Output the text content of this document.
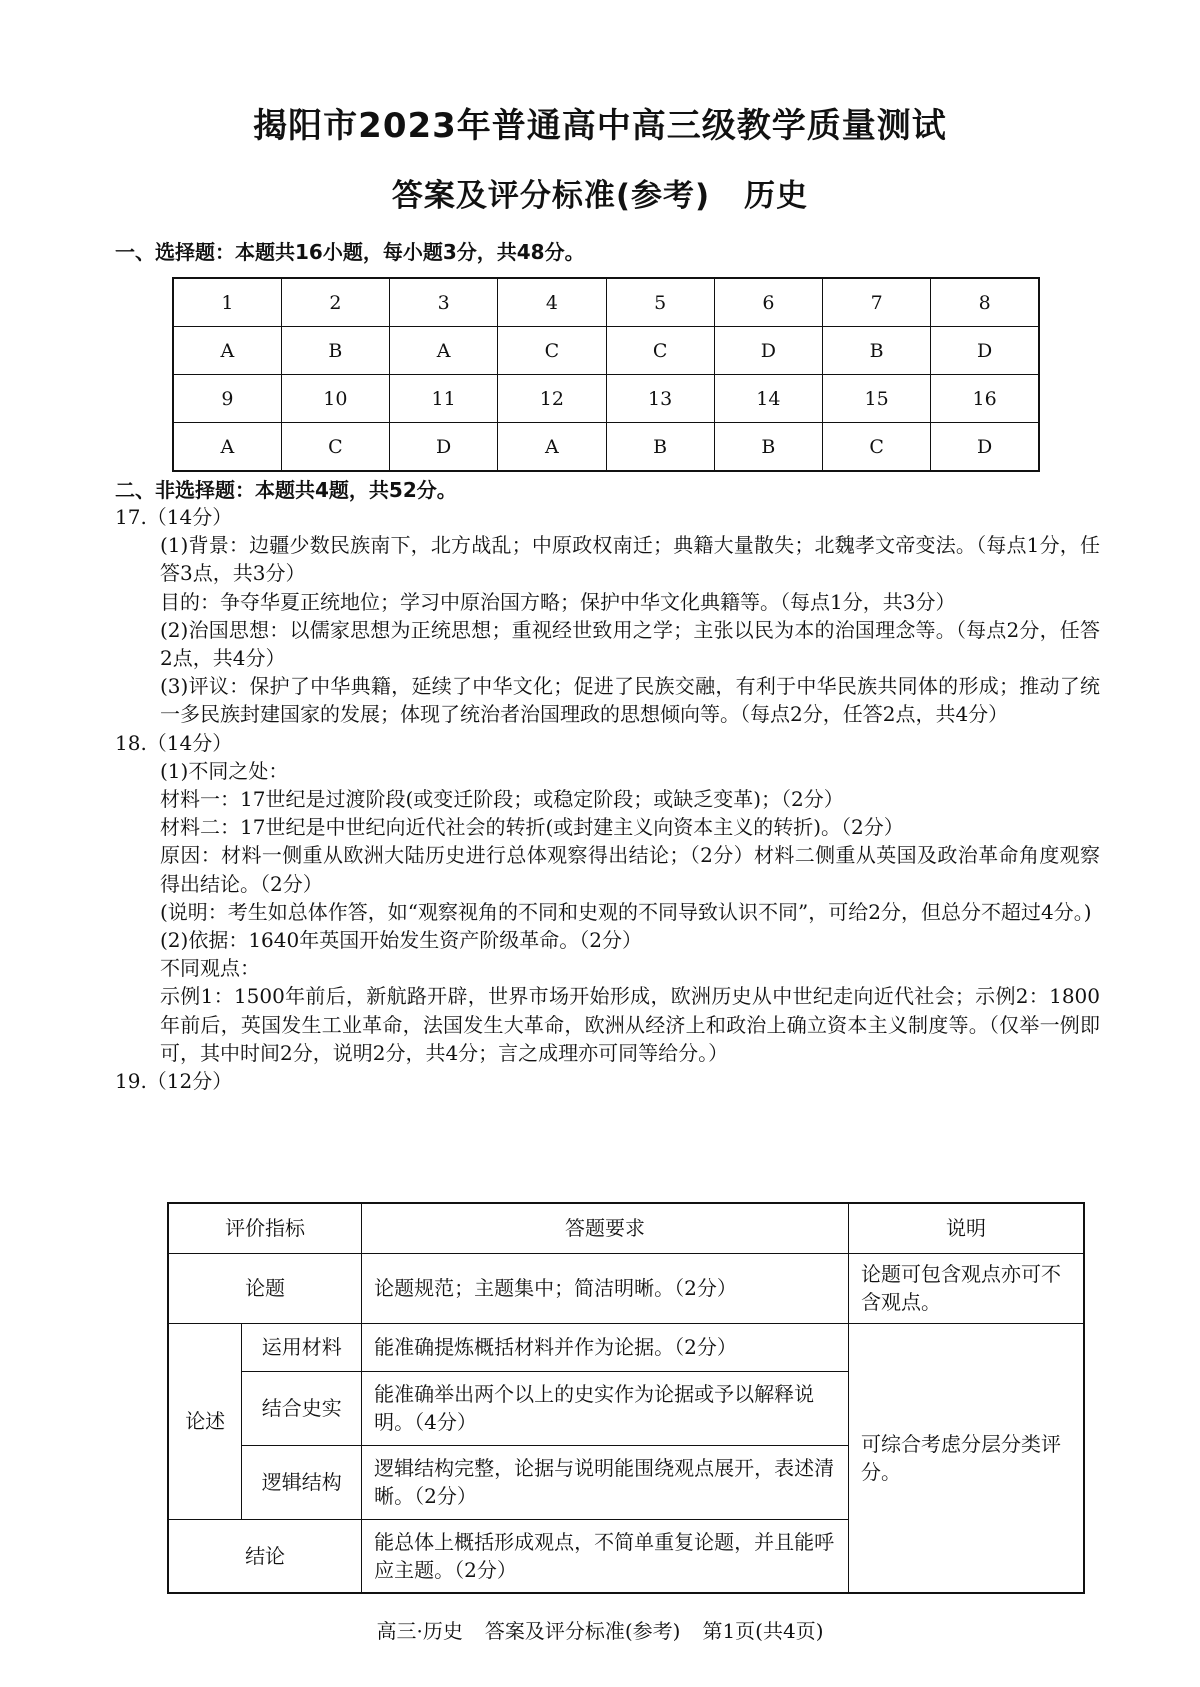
揭阳市2023年普通高中高三级教学质量测试
答案及评分标准(参考) 历史
一、选择题：本题共16小题，每小题3分，共48分。
1	2	3	4	5	6	7	8
A	B	A	C	C	D	B	D
9	10	11	12	13	14	15	16
A	C	D	A	B	B	C	D
二、非选择题：本题共4题，共52分。

17.（14分）

(1)背景：边疆少数民族南下，北方战乱；中原政权南迁；典籍大量散失；北魏孝文帝变法。（每点1分，任答3点，共3分）

目的：争夺华夏正统地位；学习中原治国方略；保护中华文化典籍等。（每点1分，共3分）

(2)治国思想：以儒家思想为正统思想；重视经世致用之学；主张以民为本的治国理念等。（每点2分，任答2点，共4分）

(3)评议：保护了中华典籍，延续了中华文化；促进了民族交融，有利于中华民族共同体的形成；推动了统一多民族封建国家的发展；体现了统治者治国理政的思想倾向等。（每点2分，任答2点，共4分）

18.（14分）

(1)不同之处：

材料一：17世纪是过渡阶段(或变迁阶段；或稳定阶段；或缺乏变革)；（2分）

材料二：17世纪是中世纪向近代社会的转折(或封建主义向资本主义的转折)。（2分）

原因：材料一侧重从欧洲大陆历史进行总体观察得出结论；（2分）材料二侧重从英国及政治革命角度观察得出结论。（2分）

(说明：考生如总体作答，如“观察视角的不同和史观的不同导致认识不同”，可给2分，但总分不超过4分。)

(2)依据：1640年英国开始发生资产阶级革命。（2分）

不同观点：

示例1：1500年前后，新航路开辟，世界市场开始形成，欧洲历史从中世纪走向近代社会；示例2：1800年前后，英国发生工业革命，法国发生大革命，欧洲从经济上和政治上确立资本主义制度等。（仅举一例即可，其中时间2分，说明2分，共4分；言之成理亦可同等给分。）

19.（12分）

评价指标		答题要求	说明
论题		论题规范；主题集中；简洁明晰。（2分）	论题可包含观点亦可不含观点。
论述	运用材料	能准确提炼概括材料并作为论据。（2分）	可综合考虑分层分类评分。
	结合史实	能准确举出两个以上的史实作为论据或予以解释说明。（4分）	
	逻辑结构	逻辑结构完整，论据与说明能围绕观点展开，表述清晰。（2分）	
结论		能总体上概括形成观点，不简单重复论题，并且能呼应主题。（2分）	
高三·历史 答案及评分标准(参考) 第1页(共4页)
